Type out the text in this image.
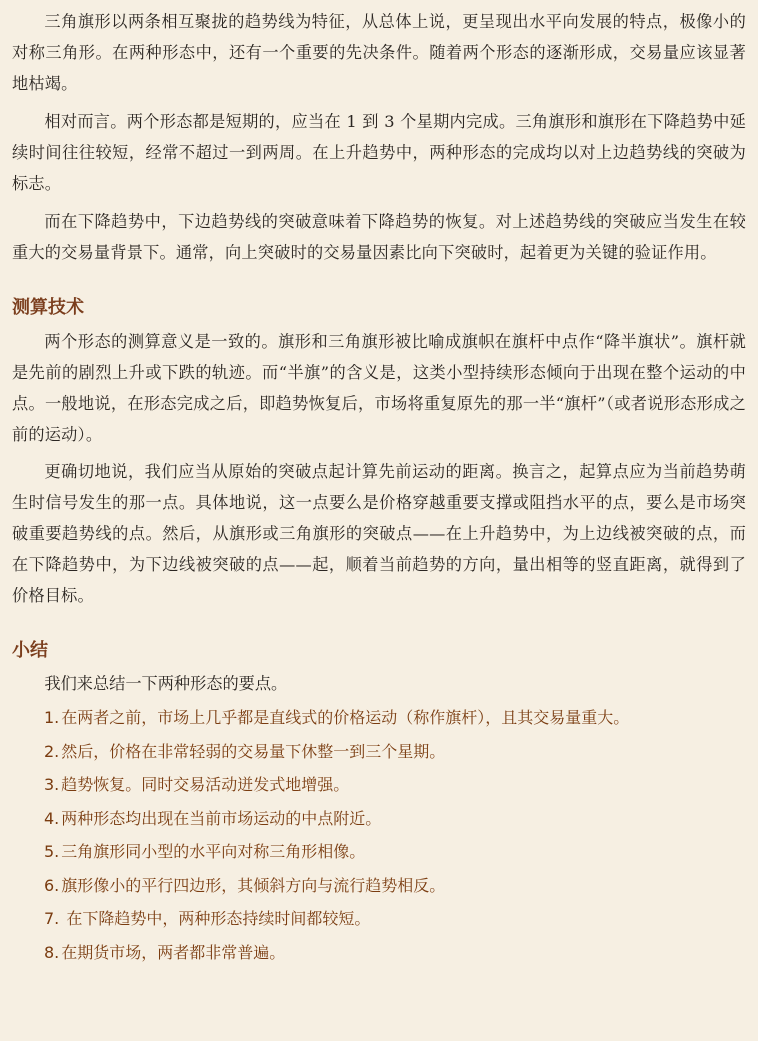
三角旗形以两条相互聚拢的趋势线为特征，从总体上说，更呈现出水平向发展的特点，极像小的对称三角形。在两种形态中，还有一个重要的先决条件。随着两个形态的逐渐形成，交易量应该显著地枯竭。

相对而言。两个形态都是短期的，应当在 1 到 3 个星期内完成。三角旗形和旗形在下降趋势中延续时间往往较短，经常不超过一到两周。在上升趋势中，两种形态的完成均以对上边趋势线的突破为标志。

而在下降趋势中，下边趋势线的突破意味着下降趋势的恢复。对上述趋势线的突破应当发生在较重大的交易量背景下。通常，向上突破时的交易量因素比向下突破时，起着更为关键的验证作用。

测算技术

两个形态的测算意义是一致的。旗形和三角旗形被比喻成旗帜在旗杆中点作“降半旗状”。旗杆就是先前的剧烈上升或下跌的轨迹。而“半旗”的含义是，这类小型持续形态倾向于出现在整个运动的中点。一般地说，在形态完成之后，即趋势恢复后，市场将重复原先的那一半“旗杆”（或者说形态形成之前的运动）。

更确切地说，我们应当从原始的突破点起计算先前运动的距离。换言之，起算点应为当前趋势萌生时信号发生的那一点。具体地说，这一点要么是价格穿越重要支撑或阻挡水平的点，要么是市场突破重要趋势线的点。然后，从旗形或三角旗形的突破点——在上升趋势中，为上边线被突破的点，而在下降趋势中，为下边线被突破的点——起，顺着当前趋势的方向，量出相等的竖直距离，就得到了价格目标。

小结

我们来总结一下两种形态的要点。

1. 在两者之前，市场上几乎都是直线式的价格运动（称作旗杆），且其交易量重大。
2. 然后，价格在非常轻弱的交易量下休整一到三个星期。
3. 趋势恢复。同时交易活动迸发式地增强。
4. 两种形态均出现在当前市场运动的中点附近。
5. 三角旗形同小型的水平向对称三角形相像。
6. 旗形像小的平行四边形，其倾斜方向与流行趋势相反。
7. 在下降趋势中，两种形态持续时间都较短。
8. 在期货市场，两者都非常普遍。
